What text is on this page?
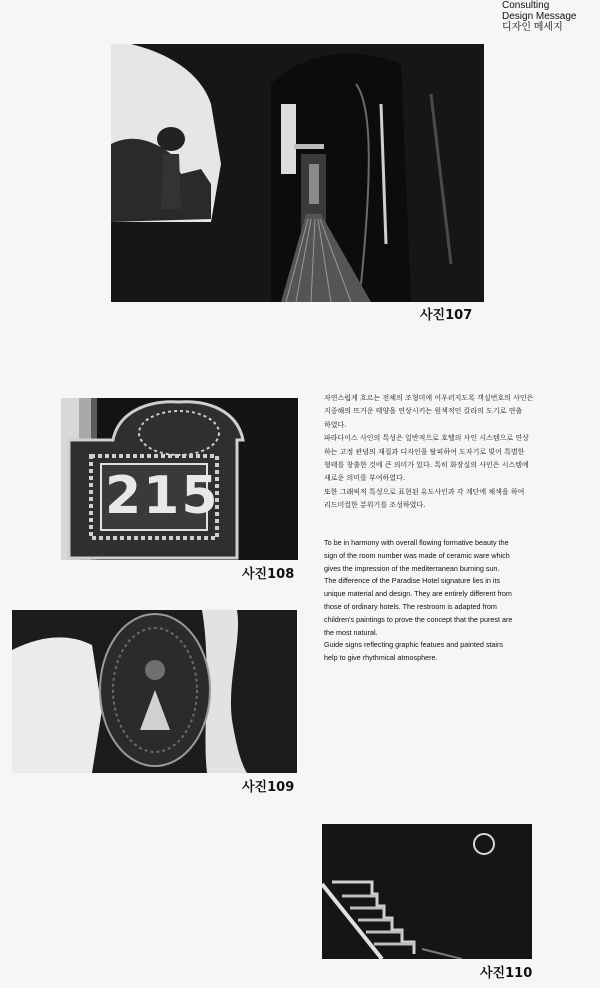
Consulting
Design Message
디자인 메세지
사진107
215
사진108
사진109
사진110

자연스럽게 흐르는 전체의 조형미에 어우러지도록 객실번호의 사인은

지중해의 뜨거운 태양을 연상시키는 원색적인 칼라의 도기로 연출

하였다.

파라다이스 사인의 특성은 일반적으로 호텔의 사인 시스템으로 연상

하는 고정 관념의 재질과 디자인을 탈피하여 도자기로 빚어 특별한

형태를 창출한 것에 큰 의미가 있다. 특히 화장실의 사인은 시스템에

새로운 의미를 부여하였다.

또한 그래픽적 특성으로 표현된 유도사인과 각 계단에 채색을 하여

리드미컬한 분위기를 조성하였다.

To be in harmony with overall flowing formative beauty the

sign of the room number was made of ceramic ware which

gives the impression of the mediterranean burning sun.

The difference of the Paradise Hotel signature lies in its

unique material and design. They are entirely different from

those of ordinary hotels. The restroom is adapted from

children's paintings to prove the concept that the purest are

the most natural.

Guide signs reflecting graphic featues and painted stairs

help to give rhythmical atmosphere.
